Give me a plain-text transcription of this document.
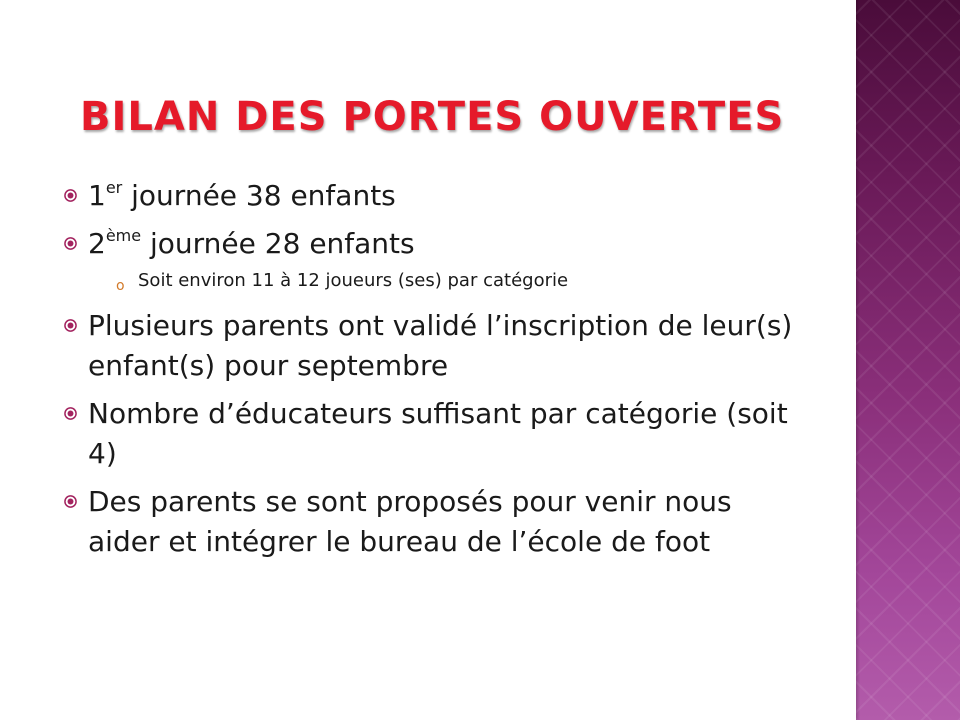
BILAN DES PORTES OUVERTES
1er journée 38 enfants
2ème journée 28 enfants
o Soit environ 11 à 12 joueurs (ses) par catégorie
Plusieurs parents ont validé l’inscription de leur(s) enfant(s) pour septembre
Nombre d’éducateurs suffisant par catégorie (soit 4)
Des parents se sont proposés pour venir nous aider et intégrer le bureau de l’école de foot
